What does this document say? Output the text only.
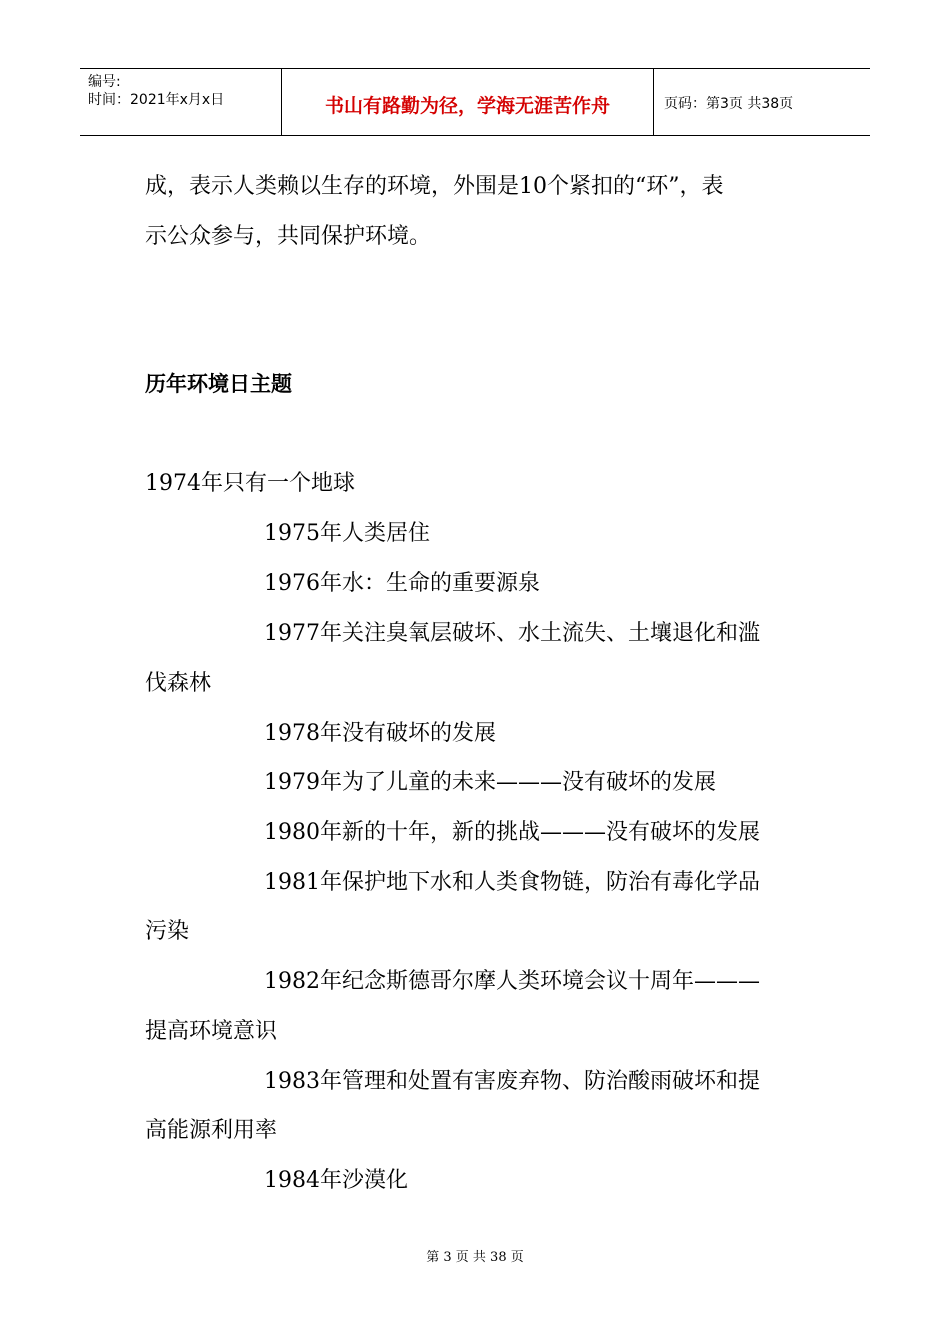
编号:
时间：2021年x月x日	书山有路勤为径，学海无涯苦作舟	页码：第3页 共38页
成，表示人类赖以生存的环境，外围是10个紧扣的“环”，表
示公众参与，共同保护环境。
历年环境日主题
1974年只有一个地球
1975年人类居住
1976年水：生命的重要源泉
1977年关注臭氧层破坏、水土流失、土壤退化和滥
伐森林
1978年没有破坏的发展
1979年为了儿童的未来———没有破坏的发展
1980年新的十年，新的挑战———没有破坏的发展
1981年保护地下水和人类食物链，防治有毒化学品
污染
1982年纪念斯德哥尔摩人类环境会议十周年———
提高环境意识
1983年管理和处置有害废弃物、防治酸雨破坏和提
高能源利用率
1984年沙漠化
第 3 页 共 38 页
